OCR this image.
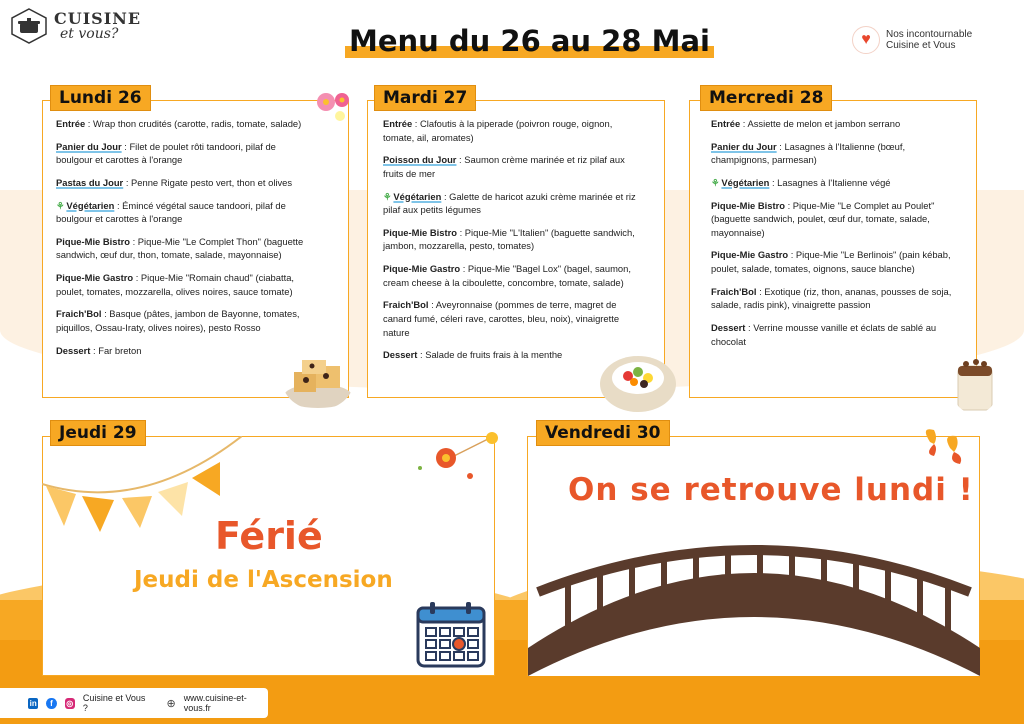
CUISINE
et vous?	Menu du 26 au 28 Mai	♥	Nos incontournable
Cuisine et Vous
Lundi 26
Entrée : Wrap thon crudités (carotte, radis, tomate, salade)
Panier du Jour : Filet de poulet rôti tandoori, pilaf de boulgour et carottes à l'orange
Pastas du Jour : Penne Rigate pesto vert, thon et olives
⚘ Végétarien : Émincé végétal sauce tandoori, pilaf de boulgour et carottes à l'orange
Pique-Mie Bistro : Pique-Mie "Le Complet Thon" (baguette sandwich, œuf dur, thon, tomate, salade, mayonnaise)
Pique-Mie Gastro : Pique-Mie "Romain chaud" (ciabatta, poulet, tomates, mozzarella, olives noires, sauce tomate)
Fraich'Bol : Basque (pâtes, jambon de Bayonne, tomates, piquillos, Ossau-Iraty, olives noires), pesto Rosso
Dessert : Far breton
Mardi 27
Entrée : Clafoutis à la piperade (poivron rouge, oignon, tomate, ail, aromates)
Poisson du Jour : Saumon crème marinée et riz pilaf aux fruits de mer
⚘ Végétarien : Galette de haricot azuki crème marinée et riz pilaf aux petits légumes
Pique-Mie Bistro : Pique-Mie "L'Italien" (baguette sandwich, jambon, mozzarella, pesto, tomates)
Pique-Mie Gastro : Pique-Mie "Bagel Lox" (bagel, saumon, cream cheese à la ciboulette, concombre, tomate, salade)
Fraich'Bol : Aveyronnaise (pommes de terre, magret de canard fumé, céleri rave, carottes, bleu, noix), vinaigrette nature
Dessert : Salade de fruits frais à la menthe
Mercredi 28
Entrée : Assiette de melon et jambon serrano
Panier du Jour : Lasagnes à l'Italienne (bœuf, champignons, parmesan)
⚘ Végétarien : Lasagnes à l'Italienne végé
Pique-Mie Bistro : Pique-Mie "Le Complet au Poulet" (baguette sandwich, poulet, œuf dur, tomate, salade, mayonnaise)
Pique-Mie Gastro : Pique-Mie "Le Berlinois" (pain kébab, poulet, salade, tomates, oignons, sauce blanche)
Fraich'Bol : Exotique (riz, thon, ananas, pousses de soja, salade, radis pink), vinaigrette passion
Dessert : Verrine mousse vanille et éclats de sablé au chocolat
Jeudi 29
Férié
Jeudi de l'Ascension
Vendredi 30
On se retrouve lundi !
in	f	◎ Cuisine et Vous ?	⊕ www.cuisine-et-vous.fr
